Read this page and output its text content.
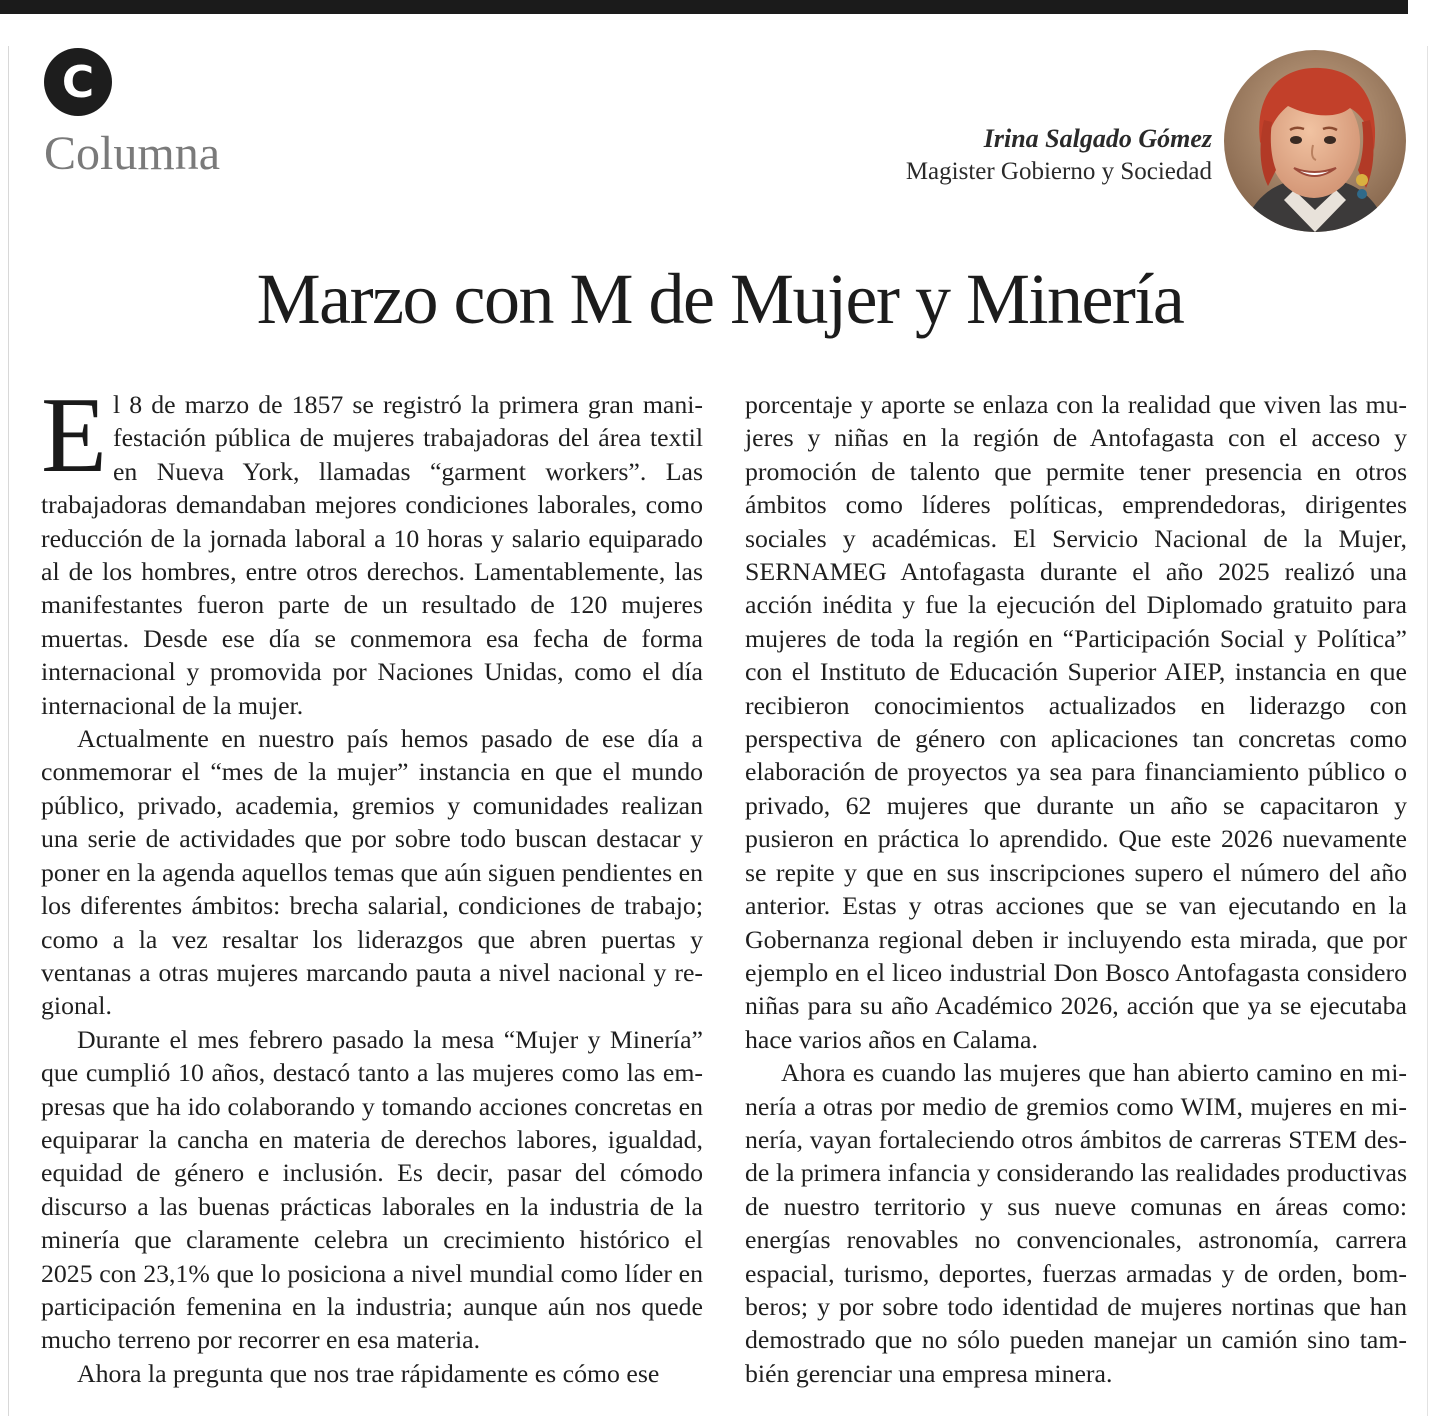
C
Columna	Irina Salgado Gómez
Magister Gobierno y Sociedad
Marzo con M de Mujer y Minería

El 8 de marzo de 1857 se registró la primera gran manifestación pública de mujeres trabajadoras del área textil en Nueva York, llamadas “garment workers”. Las trabajadoras demandaban mejores condiciones laborales, como reducción de la jornada laboral a 10 horas y salario equiparado al de los hombres, entre otros derechos. Lamentablemente, las manifestantes fueron parte de un resultado de 120 mujeres muertas. Desde ese día se conmemora esa fecha de forma internacional y promovida por Naciones Unidas, como el día internacional de la mujer.

Actualmente en nuestro país hemos pasado de ese día a conmemorar el “mes de la mujer” instancia en que el mundo público, privado, academia, gremios y comunidades realizan una serie de actividades que por sobre todo buscan destacar y poner en la agenda aquellos temas que aún siguen pendientes en los diferentes ámbitos: brecha salarial, condiciones de trabajo; como a la vez resaltar los liderazgos que abren puertas y ventanas a otras mujeres marcando pauta a nivel nacional y regional.

Durante el mes febrero pasado la mesa “Mujer y Minería” que cumplió 10 años, destacó tanto a las mujeres como las empresas que ha ido colaborando y tomando acciones concretas en equiparar la cancha en materia de derechos labores, igualdad, equidad de género e inclusión. Es decir, pasar del cómodo discurso a las buenas prácticas laborales en la industria de la minería que claramente celebra un crecimiento histórico el 2025 con 23,1% que lo posiciona a nivel mundial como líder en participación femenina en la industria; aunque aún nos quede mucho terreno por recorrer en esa materia.

Ahora la pregunta que nos trae rápidamente es cómo ese

porcentaje y aporte se enlaza con la realidad que viven las mujeres y niñas en la región de Antofagasta con el acceso y promoción de talento que permite tener presencia en otros ámbitos como líderes políticas, emprendedoras, dirigentes sociales y académicas. El Servicio Nacional de la Mujer, SERNAMEG Antofagasta durante el año 2025 realizó una acción inédita y fue la ejecución del Diplomado gratuito para mujeres de toda la región en “Participación Social y Política” con el Instituto de Educación Superior AIEP, instancia en que recibieron conocimientos actualizados en liderazgo con perspectiva de género con aplicaciones tan concretas como elaboración de proyectos ya sea para financiamiento público o privado, 62 mujeres que durante un año se capacitaron y pusieron en práctica lo aprendido. Que este 2026 nuevamente se repite y que en sus inscripciones supero el número del año anterior. Estas y otras acciones que se van ejecutando en la Gobernanza regional deben ir incluyendo esta mirada, que por ejemplo en el liceo industrial Don Bosco Antofagasta considero niñas para su año Académico 2026, acción que ya se ejecutaba hace varios años en Calama.

Ahora es cuando las mujeres que han abierto camino en minería a otras por medio de gremios como WIM, mujeres en minería, vayan fortaleciendo otros ámbitos de carreras STEM desde la primera infancia y considerando las realidades productivas de nuestro territorio y sus nueve comunas en áreas como: energías renovables no convencionales, astronomía, carrera espacial, turismo, deportes, fuerzas armadas y de orden, bomberos; y por sobre todo identidad de mujeres nortinas que han demostrado que no sólo pueden manejar un camión sino también gerenciar una empresa minera.
